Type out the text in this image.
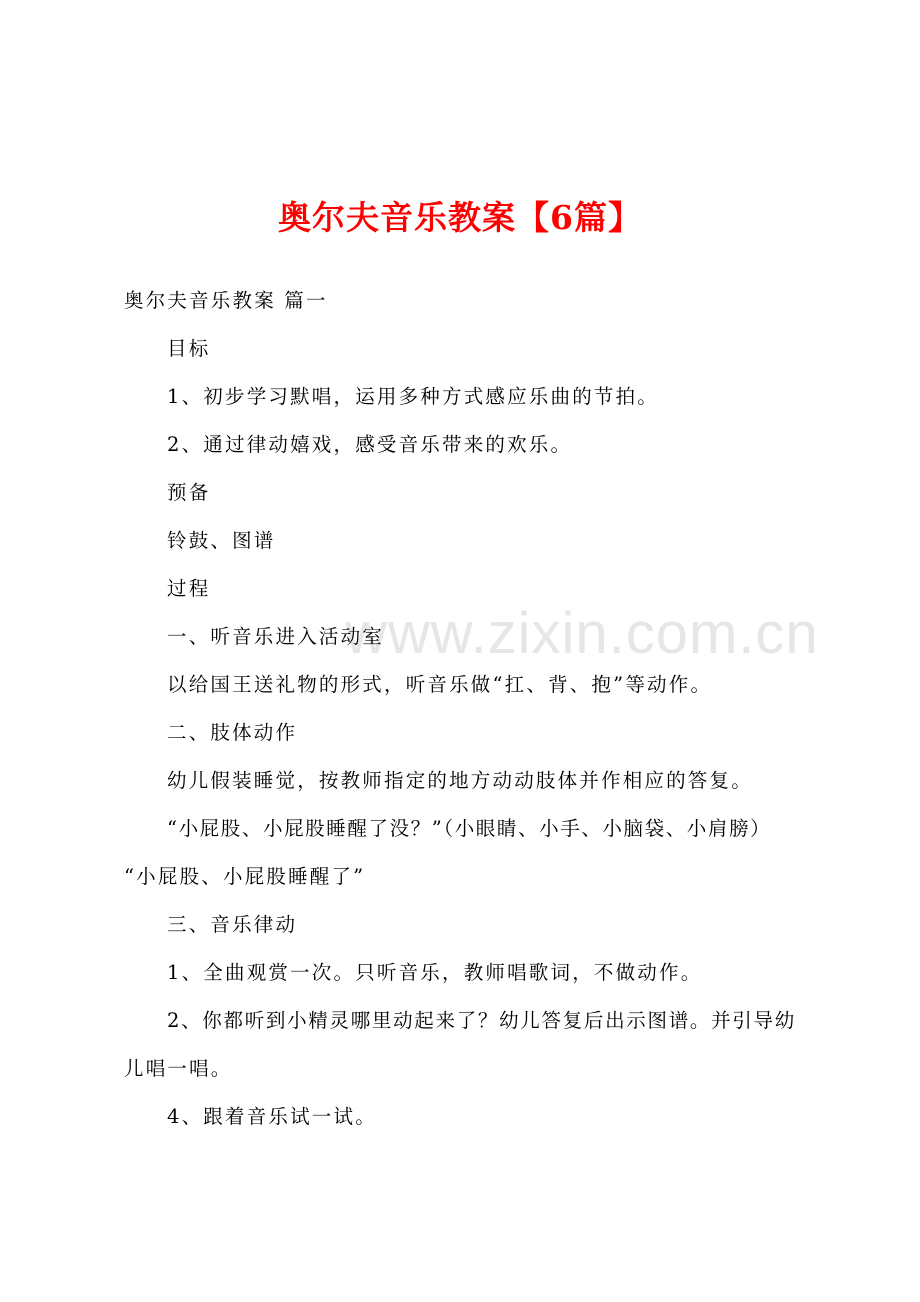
www.zixin.com.cn
奥尔夫音乐教案【6篇】
奥尔夫音乐教案 篇一
目标
1、初步学习默唱，运用多种方式感应乐曲的节拍。
2、通过律动嬉戏，感受音乐带来的欢乐。
预备
铃鼓、图谱
过程
一、听音乐进入活动室
以给国王送礼物的形式，听音乐做“扛、背、抱”等动作。
二、肢体动作
幼儿假装睡觉，按教师指定的地方动动肢体并作相应的答复。
“小屁股、小屁股睡醒了没？”（小眼睛、小手、小脑袋、小肩膀）
“小屁股、小屁股睡醒了”
三、音乐律动
1、全曲观赏一次。只听音乐，教师唱歌词，不做动作。
2、你都听到小精灵哪里动起来了？幼儿答复后出示图谱。并引导幼
儿唱一唱。
4、跟着音乐试一试。
